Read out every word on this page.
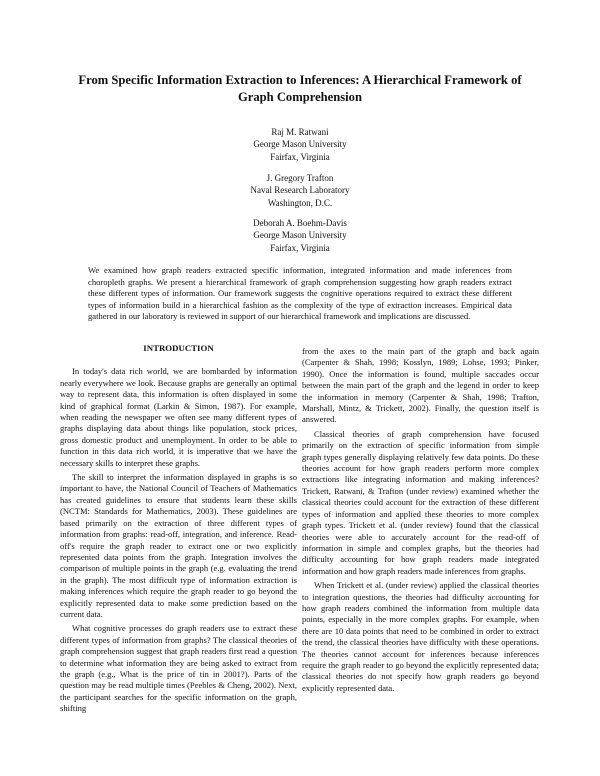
From Specific Information Extraction to Inferences: A Hierarchical Framework of Graph Comprehension
Raj M. Ratwani
George Mason University
Fairfax, Virginia
J. Gregory Trafton
Naval Research Laboratory
Washington, D.C.
Deborah A. Boehm-Davis
George Mason University
Fairfax, Virginia
We examined how graph readers extracted specific information, integrated information and made inferences from choropleth graphs. We present a hierarchical framework of graph comprehension suggesting how graph readers extract these different types of information. Our framework suggests the cognitive operations required to extract these different types of information build in a hierarchical fashion as the complexity of the type of extraction increases. Empirical data gathered in our laboratory is reviewed in support of our hierarchical framework and implications are discussed.
INTRODUCTION

In today's data rich world, we are bombarded by information nearly everywhere we look. Because graphs are generally an optimal way to represent data, this information is often displayed in some kind of graphical format (Larkin & Simon, 1987). For example, when reading the newspaper we often see many different types of graphs displaying data about things like population, stock prices, gross domestic product and unemployment. In order to be able to function in this data rich world, it is imperative that we have the necessary skills to interpret these graphs.

The skill to interpret the information displayed in graphs is so important to have, the National Council of Teachers of Mathematics has created guidelines to ensure that students learn these skills (NCTM: Standards for Mathematics, 2003). These guidelines are based primarily on the extraction of three different types of information from graphs: read-off, integration, and inference. Read-off's require the graph reader to extract one or two explicitly represented data points from the graph. Integration involves the comparison of multiple points in the graph (e.g. evaluating the trend in the graph). The most difficult type of information extraction is making inferences which require the graph reader to go beyond the explicitly represented data to make some prediction based on the current data.

What cognitive processes do graph readers use to extract these different types of information from graphs? The classical theories of graph comprehension suggest that graph readers first read a question to determine what information they are being asked to extract from the graph (e.g., What is the price of tin in 2001?). Parts of the question may be read multiple times (Peebles & Cheng, 2002). Next, the participant searches for the specific information on the graph, shifting

from the axes to the main part of the graph and back again (Carpenter & Shah, 1998; Kosslyn, 1989; Lohse, 1993; Pinker, 1990). Once the information is found, multiple saccades occur between the main part of the graph and the legend in order to keep the information in memory (Carpenter & Shah, 1998; Trafton, Marshall, Mintz, & Trickett, 2002). Finally, the question itself is answered.

Classical theories of graph comprehension have focused primarily on the extraction of specific information from simple graph types generally displaying relatively few data points. Do these theories account for how graph readers perform more complex extractions like integrating information and making inferences? Trickett, Ratwani, & Trafton (under review) examined whether the classical theories could account for the extraction of these different types of information and applied these theories to more complex graph types. Trickett et al. (under review) found that the classical theories were able to accurately account for the read-off of information in simple and complex graphs, but the theories had difficulty accounting for how graph readers made integrated information and how graph readers made inferences from graphs.

When Trickett et al. (under review) applied the classical theories to integration questions, the theories had difficulty accounting for how graph readers combined the information from multiple data points, especially in the more complex graphs. For example, when there are 10 data points that need to be combined in order to extract the trend, the classical theories have difficulty with these operations. The theories cannot account for inferences because inferences require the graph reader to go beyond the explicitly represented data; classical theories do not specify how graph readers go beyond explicitly represented data.
